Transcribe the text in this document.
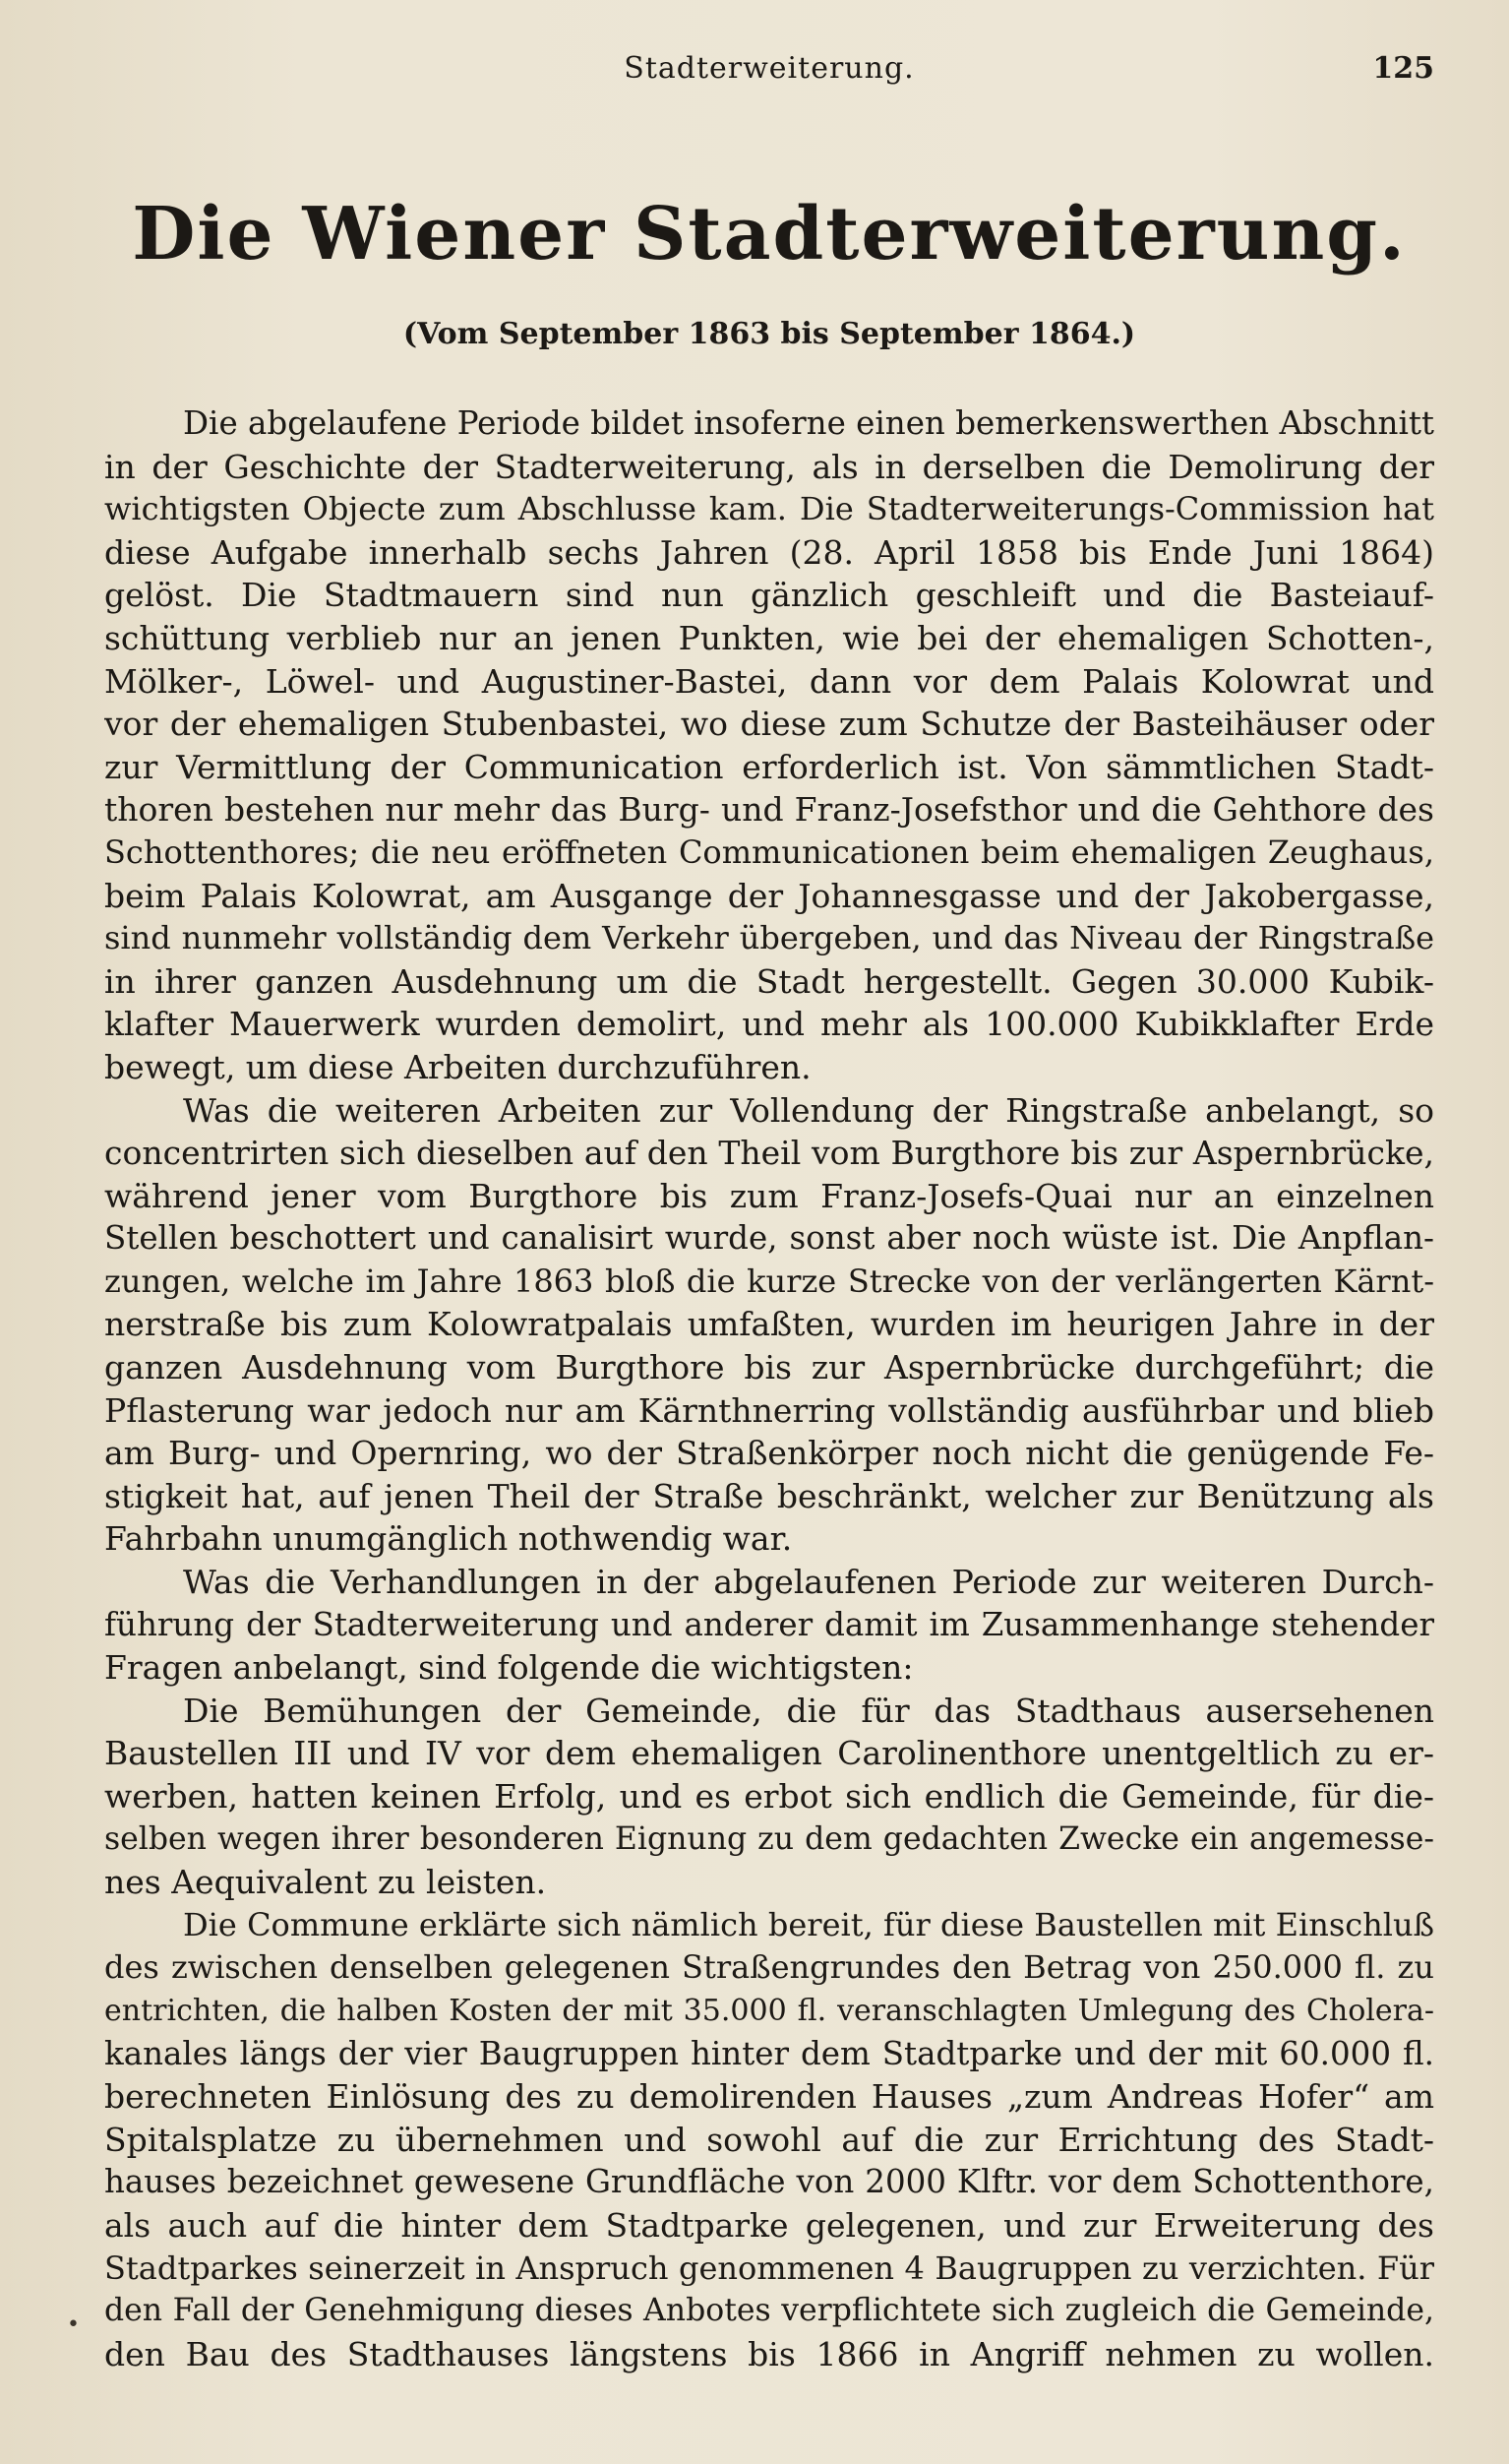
Stadterweiterung.	125
Die Wiener Stadterweiterung.
(Vom September 1863 bis September 1864.)
Die abgelaufene Periode bildet insoferne einen bemerkenswerthen Abschnitt
in der Geschichte der Stadterweiterung, als in derselben die Demolirung der
wichtigsten Objecte zum Abschlusse kam. Die Stadterweiterungs-Commission hat
diese Aufgabe innerhalb sechs Jahren (28. April 1858 bis Ende Juni 1864)
gelöst. Die Stadtmauern sind nun gänzlich geschleift und die Basteiauf-
schüttung verblieb nur an jenen Punkten, wie bei der ehemaligen Schotten-,
Mölker-, Löwel- und Augustiner-Bastei, dann vor dem Palais Kolowrat und
vor der ehemaligen Stubenbastei, wo diese zum Schutze der Basteihäuser oder
zur Vermittlung der Communication erforderlich ist. Von sämmtlichen Stadt-
thoren bestehen nur mehr das Burg- und Franz-Josefsthor und die Gehthore des
Schottenthores; die neu eröffneten Communicationen beim ehemaligen Zeughaus,
beim Palais Kolowrat, am Ausgange der Johannesgasse und der Jakobergasse,
sind nunmehr vollständig dem Verkehr übergeben, und das Niveau der Ringstraße
in ihrer ganzen Ausdehnung um die Stadt hergestellt. Gegen 30.000 Kubik-
klafter Mauerwerk wurden demolirt, und mehr als 100.000 Kubikklafter Erde
bewegt, um diese Arbeiten durchzuführen.
Was die weiteren Arbeiten zur Vollendung der Ringstraße anbelangt, so
concentrirten sich dieselben auf den Theil vom Burgthore bis zur Aspernbrücke,
während jener vom Burgthore bis zum Franz-Josefs-Quai nur an einzelnen
Stellen beschottert und canalisirt wurde, sonst aber noch wüste ist. Die Anpflan-
zungen, welche im Jahre 1863 bloß die kurze Strecke von der verlängerten Kärnt-
nerstraße bis zum Kolowratpalais umfaßten, wurden im heurigen Jahre in der
ganzen Ausdehnung vom Burgthore bis zur Aspernbrücke durchgeführt; die
Pflasterung war jedoch nur am Kärnthnerring vollständig ausführbar und blieb
am Burg- und Opernring, wo der Straßenkörper noch nicht die genügende Fe-
stigkeit hat, auf jenen Theil der Straße beschränkt, welcher zur Benützung als
Fahrbahn unumgänglich nothwendig war.
Was die Verhandlungen in der abgelaufenen Periode zur weiteren Durch-
führung der Stadterweiterung und anderer damit im Zusammenhange stehender
Fragen anbelangt, sind folgende die wichtigsten:
Die Bemühungen der Gemeinde, die für das Stadthaus ausersehenen
Baustellen III und IV vor dem ehemaligen Carolinenthore unentgeltlich zu er-
werben, hatten keinen Erfolg, und es erbot sich endlich die Gemeinde, für die-
selben wegen ihrer besonderen Eignung zu dem gedachten Zwecke ein angemesse-
nes Aequivalent zu leisten.
Die Commune erklärte sich nämlich bereit, für diese Baustellen mit Einschluß
des zwischen denselben gelegenen Straßengrundes den Betrag von 250.000 fl. zu
entrichten, die halben Kosten der mit 35.000 fl. veranschlagten Umlegung des Cholera-
kanales längs der vier Baugruppen hinter dem Stadtparke und der mit 60.000 fl.
berechneten Einlösung des zu demolirenden Hauses „zum Andreas Hofer“ am
Spitalsplatze zu übernehmen und sowohl auf die zur Errichtung des Stadt-
hauses bezeichnet gewesene Grundfläche von 2000 Klftr. vor dem Schottenthore,
als auch auf die hinter dem Stadtparke gelegenen, und zur Erweiterung des
Stadtparkes seinerzeit in Anspruch genommenen 4 Baugruppen zu verzichten. Für
den Fall der Genehmigung dieses Anbotes verpflichtete sich zugleich die Gemeinde,
den Bau des Stadthauses längstens bis 1866 in Angriff nehmen zu wollen.
•
